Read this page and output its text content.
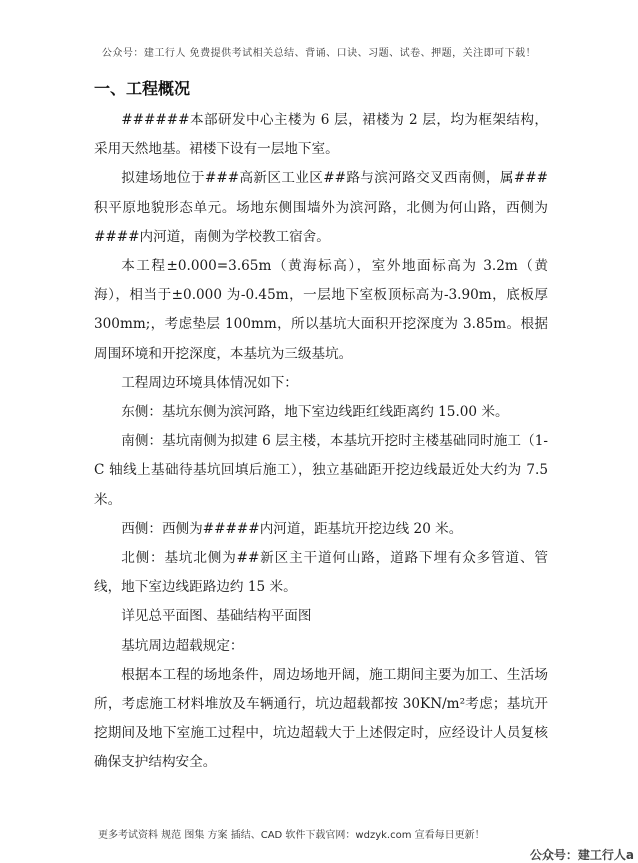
公众号：建工行人 免费提供考试相关总结、背诵、口诀、习题、试卷、押题，关注即可下载！
一、工程概况

######本部研发中心主楼为 6 层，裙楼为 2 层，均为框架结构，采用天然地基。裙楼下设有一层地下室。

拟建场地位于###高新区工业区##路与滨河路交叉西南侧，属###积平原地貌形态单元。场地东侧围墙外为滨河路，北侧为何山路，西侧为####内河道，南侧为学校教工宿舍。

本工程±0.000=3.65m（黄海标高），室外地面标高为 3.2m（黄海），相当于±0.000 为-0.45m，一层地下室板顶标高为-3.90m，底板厚 300mm;，考虑垫层 100mm，所以基坑大面积开挖深度为 3.85m。根据周围环境和开挖深度，本基坑为三级基坑。

工程周边环境具体情况如下：

东侧：基坑东侧为滨河路，地下室边线距红线距离约 15.00 米。

南侧：基坑南侧为拟建 6 层主楼，本基坑开挖时主楼基础同时施工（1-C 轴线上基础待基坑回填后施工），独立基础距开挖边线最近处大约为 7.5 米。

西侧：西侧为#####内河道，距基坑开挖边线 20 米。

北侧：基坑北侧为##新区主干道何山路，道路下埋有众多管道、管线，地下室边线距路边约 15 米。

详见总平面图、基础结构平面图

基坑周边超载规定：

根据本工程的场地条件，周边场地开阔，施工期间主要为加工、生活场所，考虑施工材料堆放及车辆通行，坑边超载都按 30KN/m²考虑；基坑开挖期间及地下室施工过程中，坑边超载大于上述假定时，应经设计人员复核确保支护结构安全。

更多考试资料 规范 图集 方案 插结、CAD 软件下载官网：wdzyk.com 宣看每日更新！
公众号：建工行人a
